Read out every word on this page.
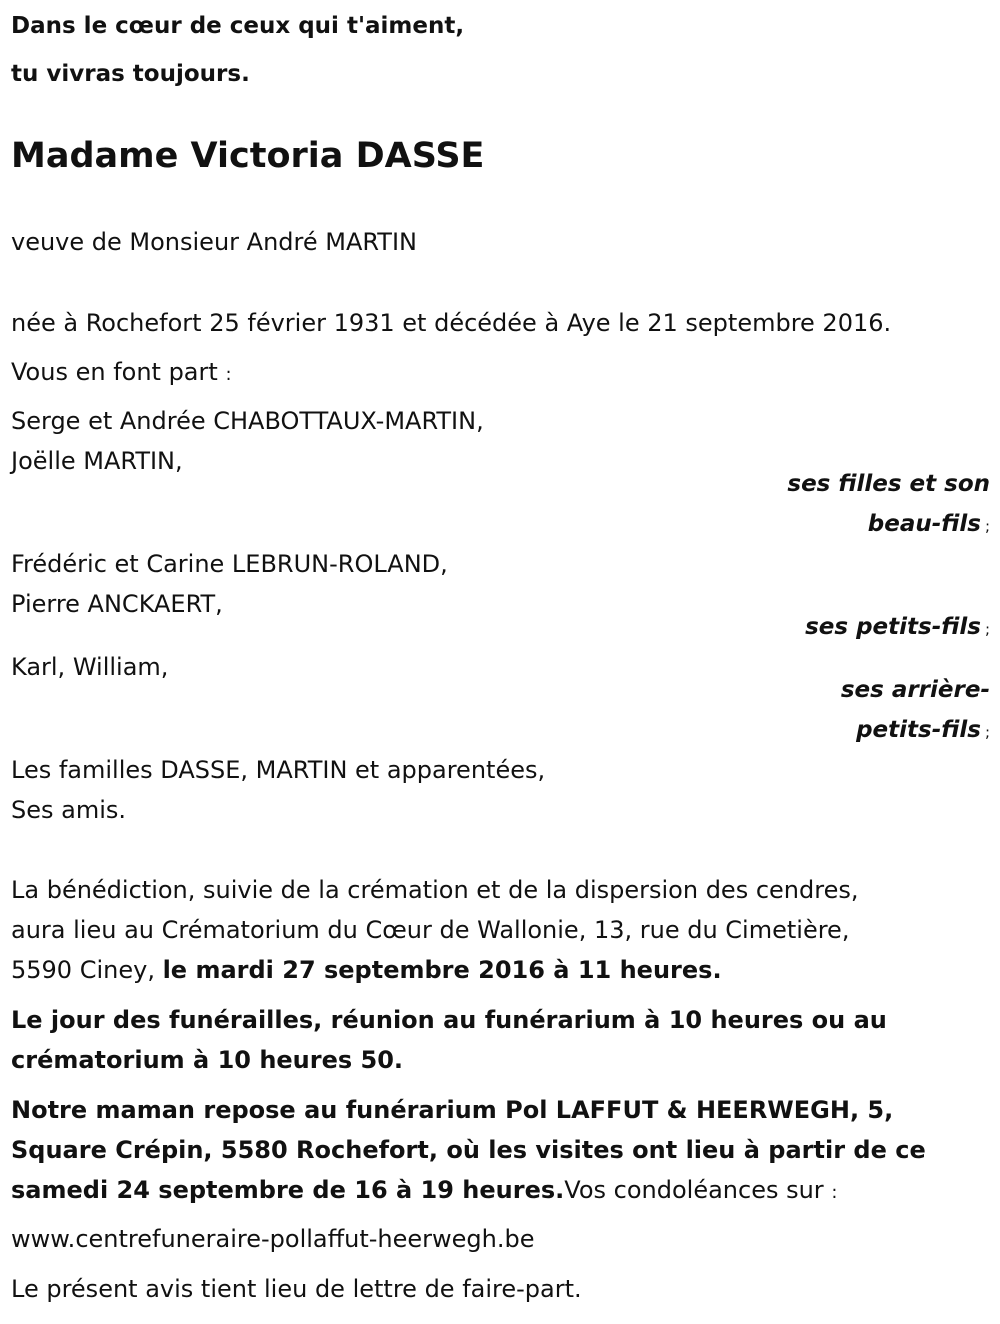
Dans le cœur de ceux qui t'aiment,
tu vivras toujours.
Madame Victoria DASSE
veuve de Monsieur André MARTIN
née à Rochefort 25 février 1931 et décédée à Aye le 21 septembre 2016.
Vous en font part :
Serge et Andrée CHABOTTAUX-MARTIN,
Joëlle MARTIN,
ses filles et son
beau-fils ;
Frédéric et Carine LEBRUN-ROLAND,
Pierre ANCKAERT,
ses petits-fils ;
Karl, William,
ses arrière-
petits-fils ;
Les familles DASSE, MARTIN et apparentées,
Ses amis.
La bénédiction, suivie de la crémation et de la dispersion des cendres,
aura lieu au Crématorium du Cœur de Wallonie, 13, rue du Cimetière,
5590 Ciney, le mardi 27 septembre 2016 à 11 heures.
Le jour des funérailles, réunion au funérarium à 10 heures ou au
crématorium à 10 heures 50.
Notre maman repose au funérarium Pol LAFFUT & HEERWEGH, 5,
Square Crépin, 5580 Rochefort, où les visites ont lieu à partir de ce
samedi 24 septembre de 16 à 19 heures.Vos condoléances sur :
www.centrefuneraire-pollaffut-heerwegh.be
Le présent avis tient lieu de lettre de faire-part.
